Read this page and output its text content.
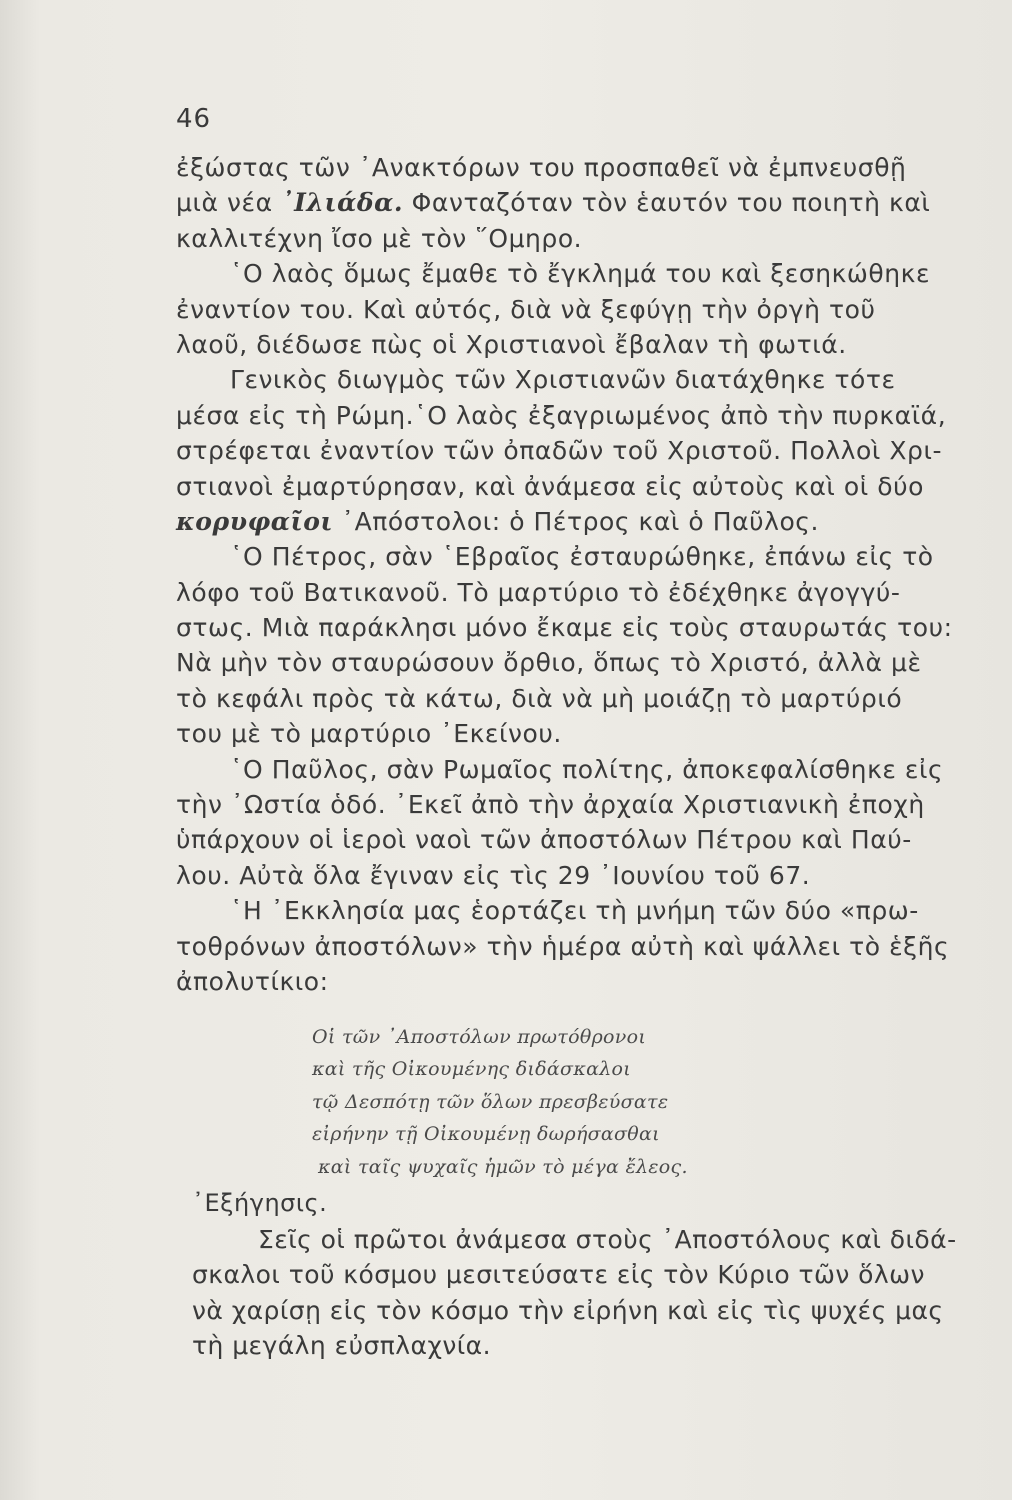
46
ἐξώστας τῶν ᾿Ανακτόρων του προσπαθεῖ νὰ ἐμπνευσθῇ
μιὰ νέα ᾿Ιλιάδα. Φανταζόταν τὸν ἑαυτόν του ποιητὴ καὶ
καλλιτέχνη ἴσο μὲ τὸν ῞Ομηρο.
῾Ο λαὸς ὅμως ἔμαθε τὸ ἔγκλημά του καὶ ξεσηκώθηκε
ἐναντίον του. Καὶ αὐτός, διὰ νὰ ξεφύγῃ τὴν ὀργὴ τοῦ
λαοῦ, διέδωσε πὼς οἱ Χριστιανοὶ ἔβαλαν τὴ φωτιά.
Γενικὸς διωγμὸς τῶν Χριστιανῶν διατάχθηκε τότε
μέσα εἰς τὴ Ρώμη.῾Ο λαὸς ἐξαγριωμένος ἀπὸ τὴν πυρκαϊά,
στρέφεται ἐναντίον τῶν ὀπαδῶν τοῦ Χριστοῦ. Πολλοὶ Χρι-
στιανοὶ ἐμαρτύρησαν, καὶ ἀνάμεσα εἰς αὐτοὺς καὶ οἱ δύο
κορυφαῖοι ᾿Απόστολοι: ὁ Πέτρος καὶ ὁ Παῦλος.
῾Ο Πέτρος, σὰν ῾Εβραῖος ἐσταυρώθηκε, ἐπάνω εἰς τὸ
λόφο τοῦ Βατικανοῦ. Τὸ μαρτύριο τὸ ἐδέχθηκε ἀγογγύ-
στως. Μιὰ παράκλησι μόνο ἔκαμε εἰς τοὺς σταυρωτάς του:
Νὰ μὴν τὸν σταυρώσουν ὄρθιο, ὅπως τὸ Χριστό, ἀλλὰ μὲ
τὸ κεφάλι πρὸς τὰ κάτω, διὰ νὰ μὴ μοιάζῃ τὸ μαρτύριό
του μὲ τὸ μαρτύριο ᾿Εκείνου.
῾Ο Παῦλος, σὰν Ρωμαῖος πολίτης, ἀποκεφαλίσθηκε εἰς
τὴν ᾿Ωστία ὁδό. ᾿Εκεῖ ἀπὸ τὴν ἀρχαία Χριστιανικὴ ἐποχὴ
ὑπάρχουν οἱ ἱεροὶ ναοὶ τῶν ἀποστόλων Πέτρου καὶ Παύ-
λου. Αὐτὰ ὅλα ἔγιναν εἰς τὶς 29 ᾿Ιουνίου τοῦ 67.
῾Η ᾿Εκκλησία μας ἑορτάζει τὴ μνήμη τῶν δύο «πρω-
τοθρόνων ἀποστόλων» τὴν ἡμέρα αὐτὴ καὶ ψάλλει τὸ ἑξῆς
ἀπολυτίκιο:
Οἱ τῶν ᾿Αποστόλων πρωτόθρονοι
καὶ τῆς Οἰκουμένης διδάσκαλοι
τῷ Δεσπότῃ τῶν ὅλων πρεσβεύσατε
εἰρήνην τῇ Οἰκουμένῃ δωρήσασθαι
καὶ ταῖς ψυχαῖς ἡμῶν τὸ μέγα ἔλεος.
᾿Εξήγησις.
Σεῖς οἱ πρῶτοι ἀνάμεσα στοὺς ᾿Αποστόλους καὶ διδά-
σκαλοι τοῦ κόσμου μεσιτεύσατε εἰς τὸν Κύριο τῶν ὅλων
νὰ χαρίσῃ εἰς τὸν κόσμο τὴν εἰρήνη καὶ εἰς τὶς ψυχές μας
τὴ μεγάλη εὐσπλαχνία.
